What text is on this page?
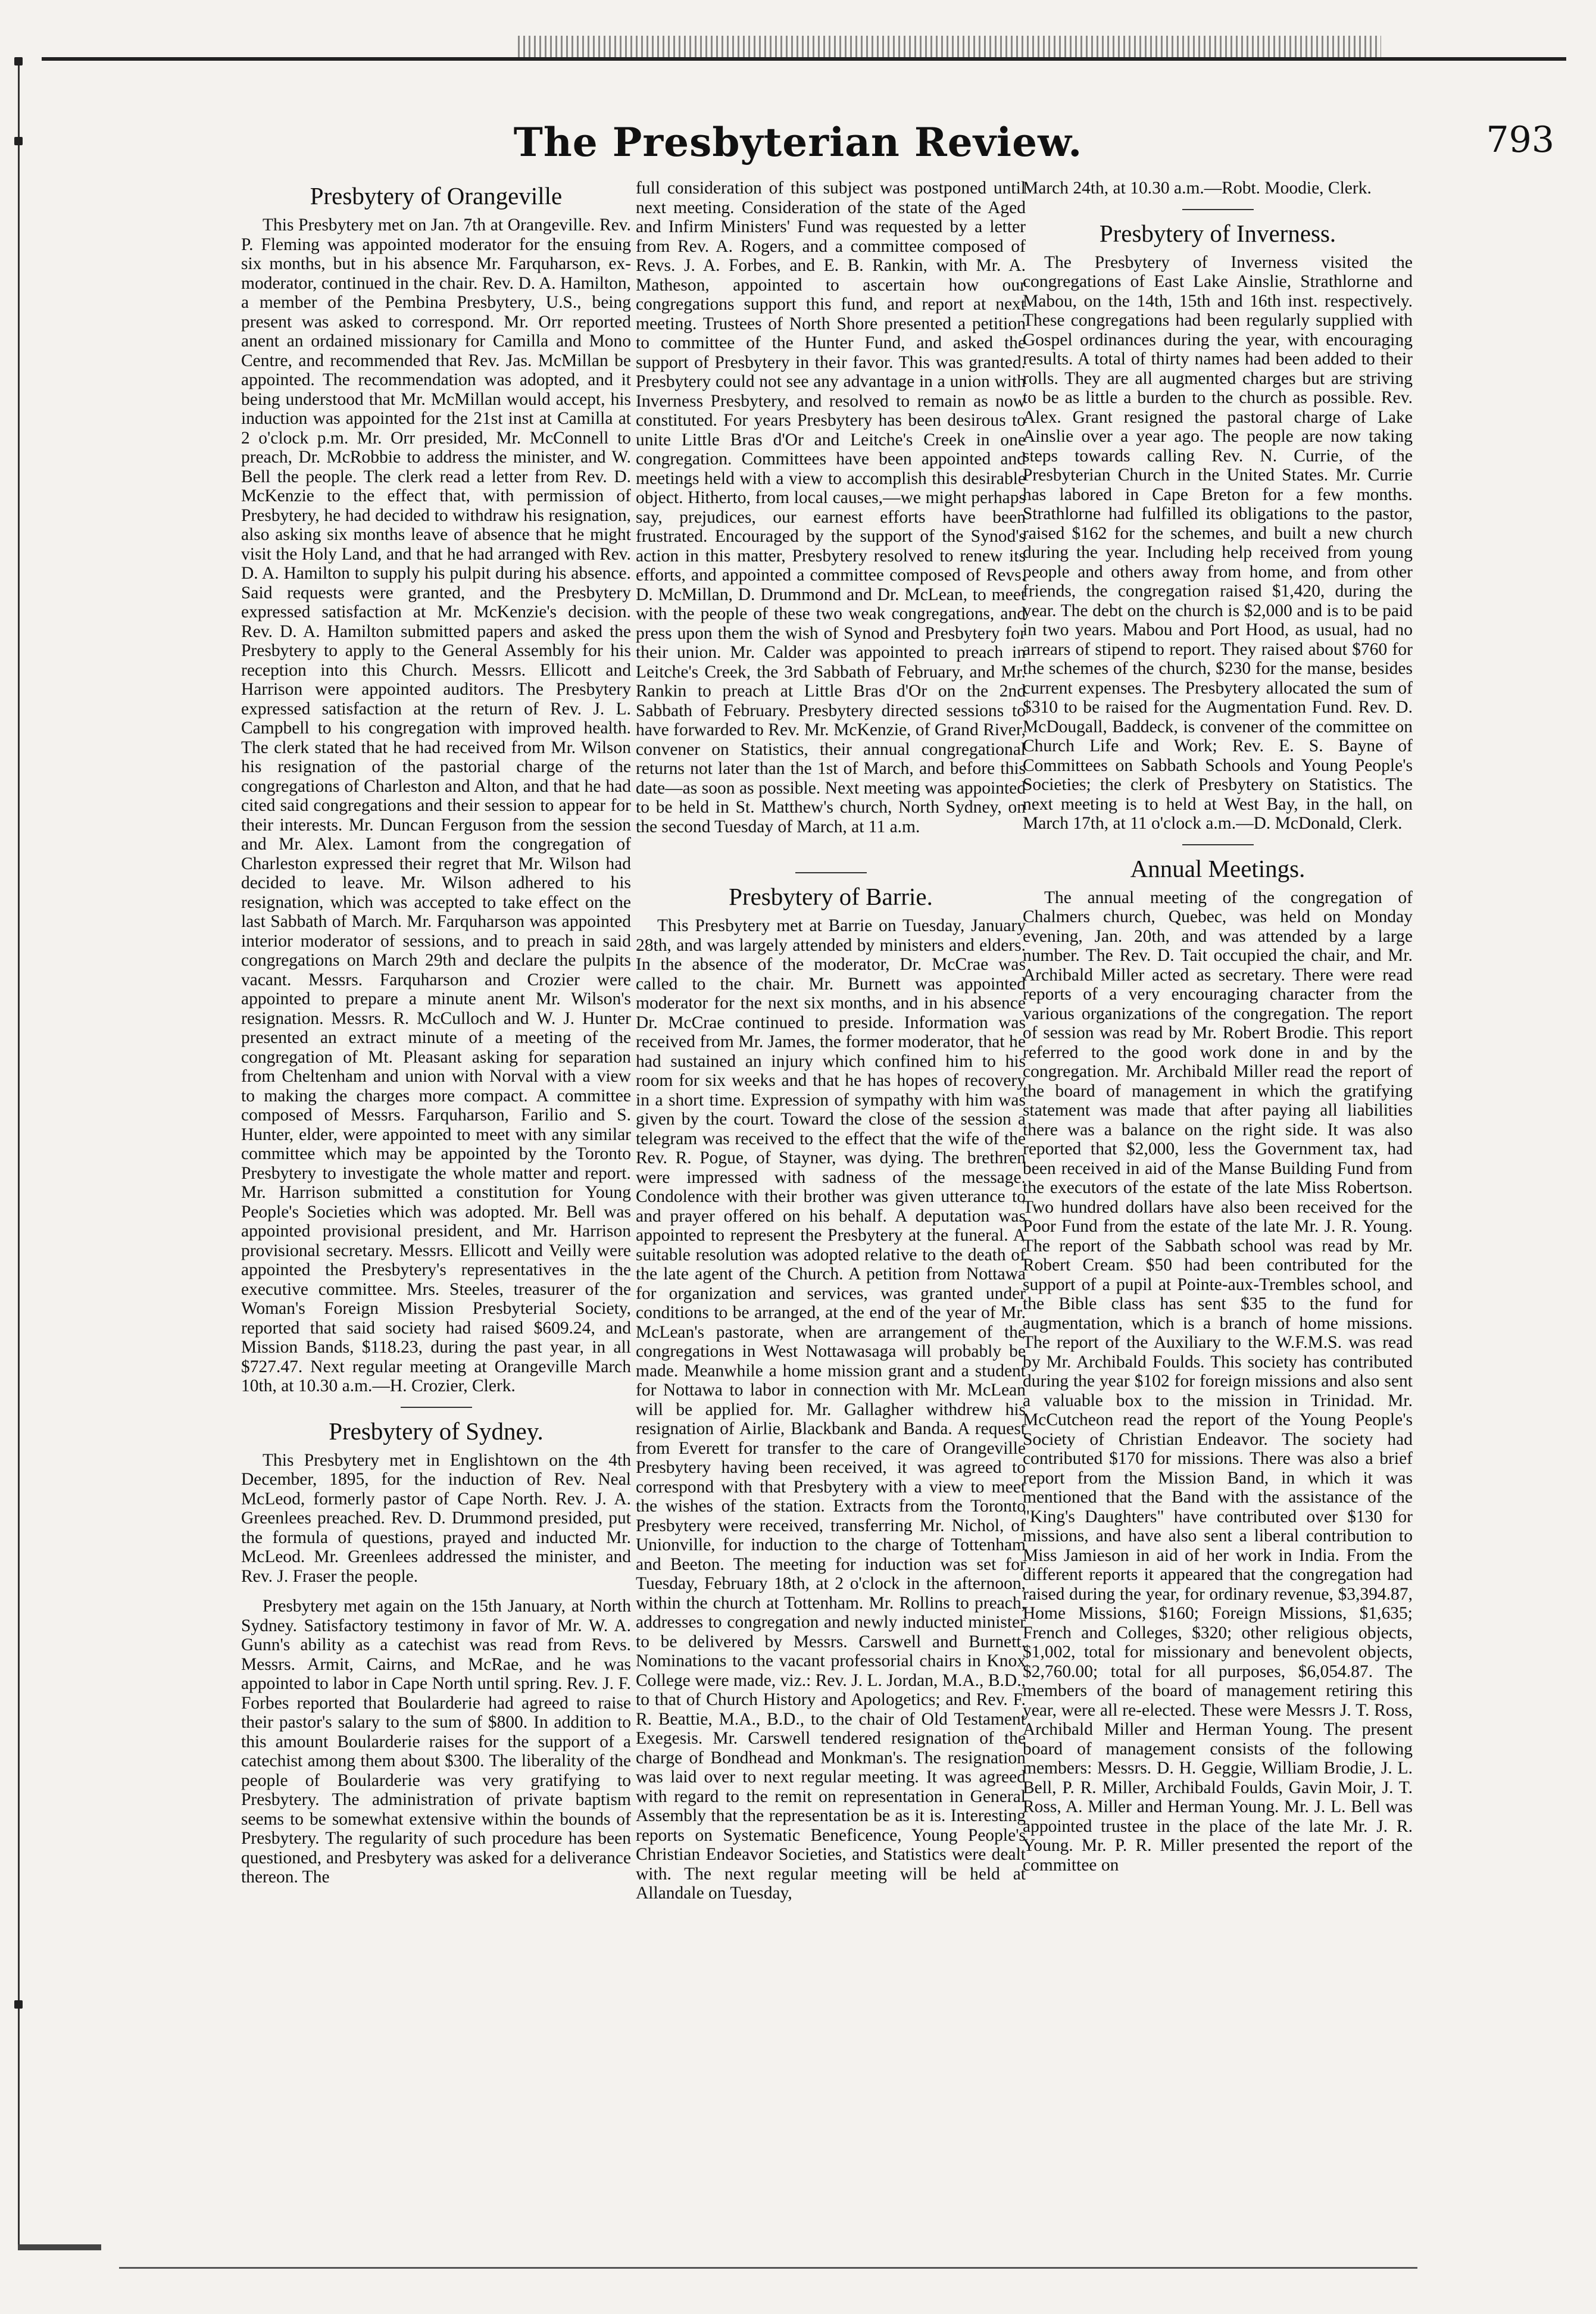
The Presbyterian Review.	793
Presbytery of Orangeville

This Presbytery met on Jan. 7th at Orangeville. Rev. P. Fleming was appointed moderator for the ensuing six months, but in his absence Mr. Farquharson, ex-moderator, continued in the chair. Rev. D. A. Hamilton, a member of the Pembina Presbytery, U.S., being present was asked to correspond. Mr. Orr reported anent an ordained missionary for Camilla and Mono Centre, and recommended that Rev. Jas. McMillan be appointed. The recommendation was adopted, and it being understood that Mr. McMillan would accept, his induction was appointed for the 21st inst at Camilla at 2 o'clock p.m. Mr. Orr presided, Mr. McConnell to preach, Dr. McRobbie to address the minister, and W. Bell the people. The clerk read a letter from Rev. D. McKenzie to the effect that, with permission of Presbytery, he had decided to withdraw his resignation, also asking six months leave of absence that he might visit the Holy Land, and that he had arranged with Rev. D. A. Hamilton to supply his pulpit during his absence. Said requests were granted, and the Presbytery expressed satisfaction at Mr. McKenzie's decision. Rev. D. A. Hamilton submitted papers and asked the Presbytery to apply to the General Assembly for his reception into this Church. Messrs. Ellicott and Harrison were appointed auditors. The Presbytery expressed satisfaction at the return of Rev. J. L. Campbell to his congregation with improved health. The clerk stated that he had received from Mr. Wilson his resignation of the pastorial charge of the congregations of Charleston and Alton, and that he had cited said congregations and their session to appear for their interests. Mr. Duncan Ferguson from the session and Mr. Alex. Lamont from the congregation of Charleston expressed their regret that Mr. Wilson had decided to leave. Mr. Wilson adhered to his resignation, which was accepted to take effect on the last Sabbath of March. Mr. Farquharson was appointed interior moderator of sessions, and to preach in said congregations on March 29th and declare the pulpits vacant. Messrs. Farquharson and Crozier were appointed to prepare a minute anent Mr. Wilson's resignation. Messrs. R. McCulloch and W. J. Hunter presented an extract minute of a meeting of the congregation of Mt. Pleasant asking for separation from Cheltenham and union with Norval with a view to making the charges more compact. A committee composed of Messrs. Farquharson, Farilio and S. Hunter, elder, were appointed to meet with any similar committee which may be appointed by the Toronto Presbytery to investigate the whole matter and report. Mr. Harrison submitted a constitution for Young People's Societies which was adopted. Mr. Bell was appointed provisional president, and Mr. Harrison provisional secretary. Messrs. Ellicott and Veilly were appointed the Presbytery's representatives in the executive committee. Mrs. Steeles, treasurer of the Woman's Foreign Mission Presbyterial Society, reported that said society had raised $609.24, and Mission Bands, $118.23, during the past year, in all $727.47. Next regular meeting at Orangeville March 10th, at 10.30 a.m.—H. Crozier, Clerk.

Presbytery of Sydney.

This Presbytery met in Englishtown on the 4th December, 1895, for the induction of Rev. Neal McLeod, formerly pastor of Cape North. Rev. J. A. Greenlees preached. Rev. D. Drummond presided, put the formula of questions, prayed and inducted Mr. McLeod. Mr. Greenlees addressed the minister, and Rev. J. Fraser the people.

Presbytery met again on the 15th January, at North Sydney. Satisfactory testimony in favor of Mr. W. A. Gunn's ability as a catechist was read from Revs. Messrs. Armit, Cairns, and McRae, and he was appointed to labor in Cape North until spring. Rev. J. F. Forbes reported that Boularderie had agreed to raise their pastor's salary to the sum of $800. In addition to this amount Boularderie raises for the support of a catechist among them about $300. The liberality of the people of Boularderie was very gratifying to Presbytery. The administration of private baptism seems to be somewhat extensive within the bounds of Presbytery. The regularity of such procedure has been questioned, and Presbytery was asked for a deliverance thereon. The

full consideration of this subject was postponed until next meeting. Consideration of the state of the Aged and Infirm Ministers' Fund was requested by a letter from Rev. A. Rogers, and a committee composed of Revs. J. A. Forbes, and E. B. Rankin, with Mr. A. Matheson, appointed to ascertain how our congregations support this fund, and report at next meeting. Trustees of North Shore presented a petition to committee of the Hunter Fund, and asked the support of Presbytery in their favor. This was granted. Presbytery could not see any advantage in a union with Inverness Presbytery, and resolved to remain as now constituted. For years Presbytery has been desirous to unite Little Bras d'Or and Leitche's Creek in one congregation. Committees have been appointed and meetings held with a view to accomplish this desirable object. Hitherto, from local causes,—we might perhaps say, prejudices, our earnest efforts have been frustrated. Encouraged by the support of the Synod's action in this matter, Presbytery resolved to renew its efforts, and appointed a committee composed of Revs. D. McMillan, D. Drummond and Dr. McLean, to meet with the people of these two weak congregations, and press upon them the wish of Synod and Presbytery for their union. Mr. Calder was appointed to preach in Leitche's Creek, the 3rd Sabbath of February, and Mr. Rankin to preach at Little Bras d'Or on the 2nd Sabbath of February. Presbytery directed sessions to have forwarded to Rev. Mr. McKenzie, of Grand River, convener on Statistics, their annual congregational returns not later than the 1st of March, and before this date—as soon as possible. Next meeting was appointed to be held in St. Matthew's church, North Sydney, on the second Tuesday of March, at 11 a.m.

Presbytery of Barrie.

This Presbytery met at Barrie on Tuesday, January 28th, and was largely attended by ministers and elders. In the absence of the moderator, Dr. McCrae was called to the chair. Mr. Burnett was appointed moderator for the next six months, and in his absence Dr. McCrae continued to preside. Information was received from Mr. James, the former moderator, that he had sustained an injury which confined him to his room for six weeks and that he has hopes of recovery in a short time. Expression of sympathy with him was given by the court. Toward the close of the session a telegram was received to the effect that the wife of the Rev. R. Pogue, of Stayner, was dying. The brethren were impressed with sadness of the message. Condolence with their brother was given utterance to and prayer offered on his behalf. A deputation was appointed to represent the Presbytery at the funeral. A suitable resolution was adopted relative to the death of the late agent of the Church. A petition from Nottawa for organization and services, was granted under conditions to be arranged, at the end of the year of Mr. McLean's pastorate, when are arrangement of the congregations in West Nottawasaga will probably be made. Meanwhile a home mission grant and a student for Nottawa to labor in connection with Mr. McLean will be applied for. Mr. Gallagher withdrew his resignation of Airlie, Blackbank and Banda. A request from Everett for transfer to the care of Orangeville Presbytery having been received, it was agreed to correspond with that Presbytery with a view to meet the wishes of the station. Extracts from the Toronto Presbytery were received, transferring Mr. Nichol, of Unionville, for induction to the charge of Tottenham and Beeton. The meeting for induction was set for Tuesday, February 18th, at 2 o'clock in the afternoon, within the church at Tottenham. Mr. Rollins to preach, addresses to congregation and newly inducted minister to be delivered by Messrs. Carswell and Burnett. Nominations to the vacant professorial chairs in Knox College were made, viz.: Rev. J. L. Jordan, M.A., B.D., to that of Church History and Apologetics; and Rev. F. R. Beattie, M.A., B.D., to the chair of Old Testament Exegesis. Mr. Carswell tendered resignation of the charge of Bondhead and Monkman's. The resignation was laid over to next regular meeting. It was agreed with regard to the remit on representation in General Assembly that the representation be as it is. Interesting reports on Systematic Beneficence, Young People's Christian Endeavor Societies, and Statistics were dealt with. The next regular meeting will be held at Allandale on Tuesday,

March 24th, at 10.30 a.m.—Robt. Moodie, Clerk.

Presbytery of Inverness.

The Presbytery of Inverness visited the congregations of East Lake Ainslie, Strathlorne and Mabou, on the 14th, 15th and 16th inst. respectively. These congregations had been regularly supplied with Gospel ordinances during the year, with encouraging results. A total of thirty names had been added to their rolls. They are all augmented charges but are striving to be as little a burden to the church as possible. Rev. Alex. Grant resigned the pastoral charge of Lake Ainslie over a year ago. The people are now taking steps towards calling Rev. N. Currie, of the Presbyterian Church in the United States. Mr. Currie has labored in Cape Breton for a few months. Strathlorne had fulfilled its obligations to the pastor, raised $162 for the schemes, and built a new church during the year. Including help received from young people and others away from home, and from other friends, the congregation raised $1,420, during the year. The debt on the church is $2,000 and is to be paid in two years. Mabou and Port Hood, as usual, had no arrears of stipend to report. They raised about $760 for the schemes of the church, $230 for the manse, besides current expenses. The Presbytery allocated the sum of $310 to be raised for the Augmentation Fund. Rev. D. McDougall, Baddeck, is convener of the committee on Church Life and Work; Rev. E. S. Bayne of Committees on Sabbath Schools and Young People's Societies; the clerk of Presbytery on Statistics. The next meeting is to held at West Bay, in the hall, on March 17th, at 11 o'clock a.m.—D. McDonald, Clerk.

Annual Meetings.

The annual meeting of the congregation of Chalmers church, Quebec, was held on Monday evening, Jan. 20th, and was attended by a large number. The Rev. D. Tait occupied the chair, and Mr. Archibald Miller acted as secretary. There were read reports of a very encouraging character from the various organizations of the congregation. The report of session was read by Mr. Robert Brodie. This report referred to the good work done in and by the congregation. Mr. Archibald Miller read the report of the board of management in which the gratifying statement was made that after paying all liabilities there was a balance on the right side. It was also reported that $2,000, less the Government tax, had been received in aid of the Manse Building Fund from the executors of the estate of the late Miss Robertson. Two hundred dollars have also been received for the Poor Fund from the estate of the late Mr. J. R. Young. The report of the Sabbath school was read by Mr. Robert Cream. $50 had been contributed for the support of a pupil at Pointe-aux-Trembles school, and the Bible class has sent $35 to the fund for augmentation, which is a branch of home missions. The report of the Auxiliary to the W.F.M.S. was read by Mr. Archibald Foulds. This society has contributed during the year $102 for foreign missions and also sent a valuable box to the mission in Trinidad. Mr. McCutcheon read the report of the Young People's Society of Christian Endeavor. The society had contributed $170 for missions. There was also a brief report from the Mission Band, in which it was mentioned that the Band with the assistance of the "King's Daughters" have contributed over $130 for missions, and have also sent a liberal contribution to Miss Jamieson in aid of her work in India. From the different reports it appeared that the congregation had raised during the year, for ordinary revenue, $3,394.87, Home Missions, $160; Foreign Missions, $1,635; French and Colleges, $320; other religious objects, $1,002, total for missionary and benevolent objects, $2,760.00; total for all purposes, $6,054.87. The members of the board of management retiring this year, were all re-elected. These were Messrs J. T. Ross, Archibald Miller and Herman Young. The present board of management consists of the following members: Messrs. D. H. Geggie, William Brodie, J. L. Bell, P. R. Miller, Archibald Foulds, Gavin Moir, J. T. Ross, A. Miller and Herman Young. Mr. J. L. Bell was appointed trustee in the place of the late Mr. J. R. Young. Mr. P. R. Miller presented the report of the committee on
